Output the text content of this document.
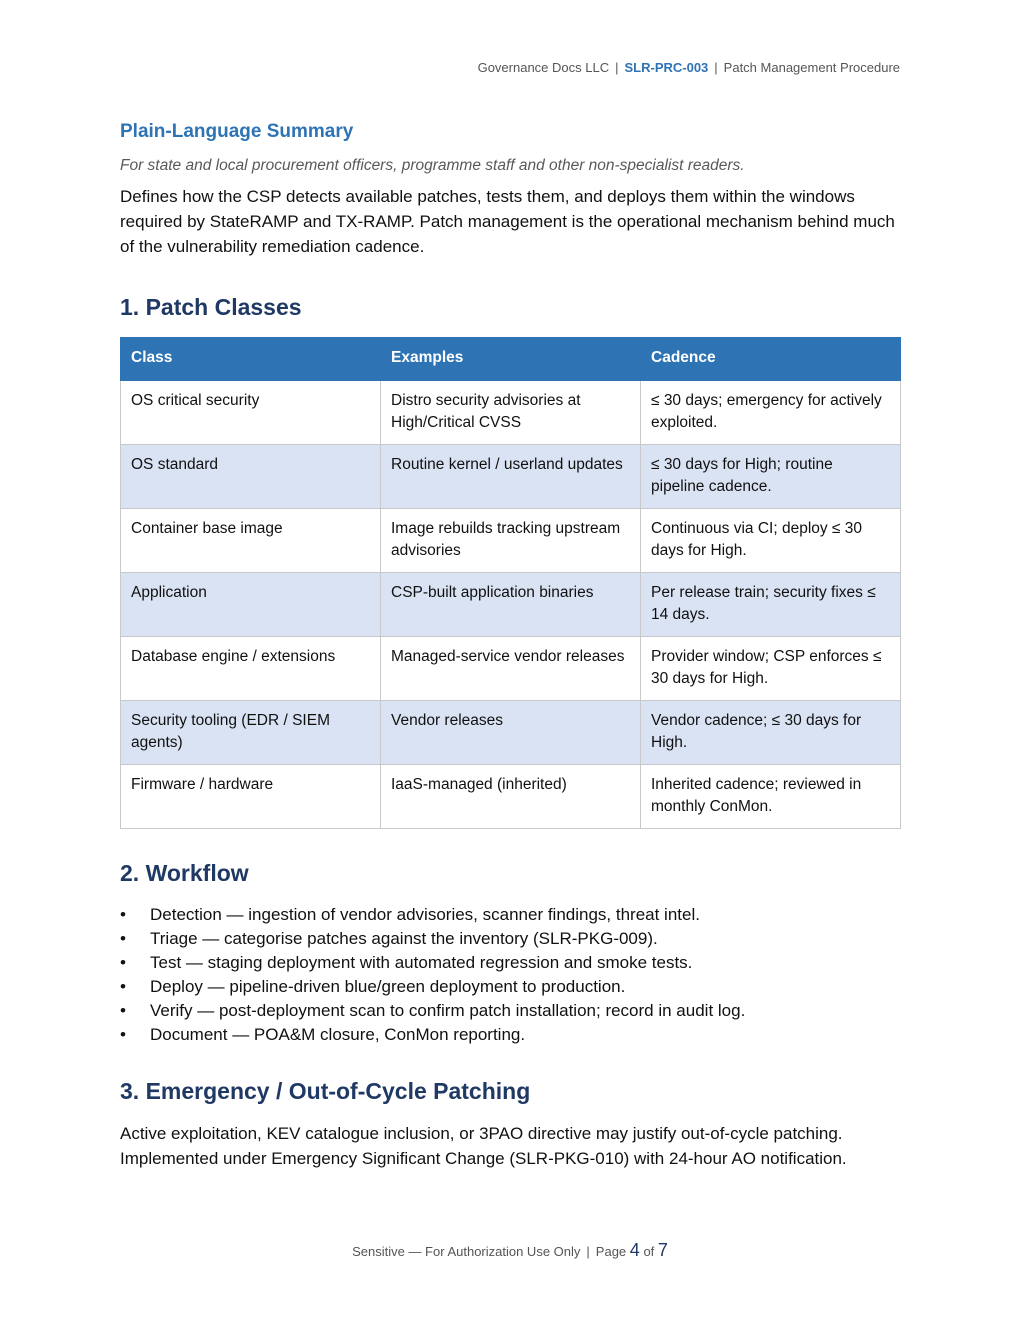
Governance Docs LLC | SLR-PRC-003 | Patch Management Procedure
Plain-Language Summary

For state and local procurement officers, programme staff and other non-specialist readers.

Defines how the CSP detects available patches, tests them, and deploys them within the windows required by StateRAMP and TX-RAMP. Patch management is the operational mechanism behind much of the vulnerability remediation cadence.

1. Patch Classes
Class	Examples	Cadence
OS critical security	Distro security advisories at High/Critical CVSS	≤ 30 days; emergency for actively exploited.
OS standard	Routine kernel / userland updates	≤ 30 days for High; routine pipeline cadence.
Container base image	Image rebuilds tracking upstream advisories	Continuous via CI; deploy ≤ 30 days for High.
Application	CSP-built application binaries	Per release train; security fixes ≤ 14 days.
Database engine / extensions	Managed-service vendor releases	Provider window; CSP enforces ≤ 30 days for High.
Security tooling (EDR / SIEM agents)	Vendor releases	Vendor cadence; ≤ 30 days for High.
Firmware / hardware	IaaS-managed (inherited)	Inherited cadence; reviewed in monthly ConMon.
2. Workflow
• Detection — ingestion of vendor advisories, scanner findings, threat intel.
• Triage — categorise patches against the inventory (SLR-PKG-009).
• Test — staging deployment with automated regression and smoke tests.
• Deploy — pipeline-driven blue/green deployment to production.
• Verify — post-deployment scan to confirm patch installation; record in audit log.
• Document — POA&M closure, ConMon reporting.
3. Emergency / Out-of-Cycle Patching

Active exploitation, KEV catalogue inclusion, or 3PAO directive may justify out-of-cycle patching. Implemented under Emergency Significant Change (SLR-PKG-010) with 24-hour AO notification.

Sensitive — For Authorization Use Only | Page 4 of 7
